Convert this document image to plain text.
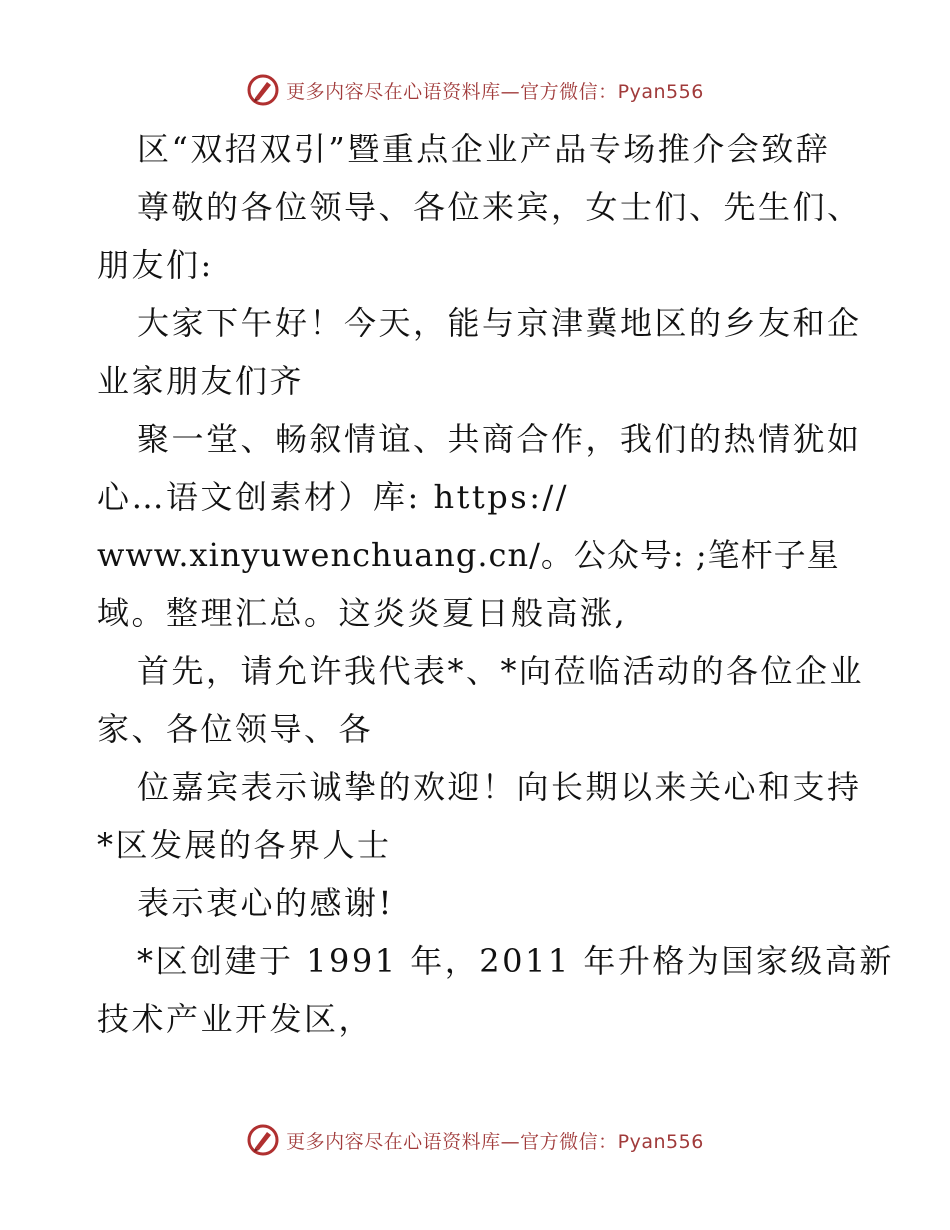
更多内容尽在心语资料库—官方微信：Pyan556
区“双招双引”暨重点企业产品专场推介会致辞
尊敬的各位领导、各位来宾，女士们、先生们、
朋友们:
大家下午好！今天，能与京津冀地区的乡友和企
业家朋友们齐
聚一堂、畅叙情谊、共商合作，我们的热情犹如
心…语文创素材）库: https://
www.xinyuwenchuang.cn/。公众号: ;笔杆子星
域。整理汇总。这炎炎夏日般高涨,
首先，请允许我代表*、*向莅临活动的各位企业
家、各位领导、各
位嘉宾表示诚挚的欢迎！向长期以来关心和支持
*区发展的各界人士
表示衷心的感谢!
*区创建于 1991 年，2011 年升格为国家级高新
技术产业开发区，
更多内容尽在心语资料库—官方微信：Pyan556
